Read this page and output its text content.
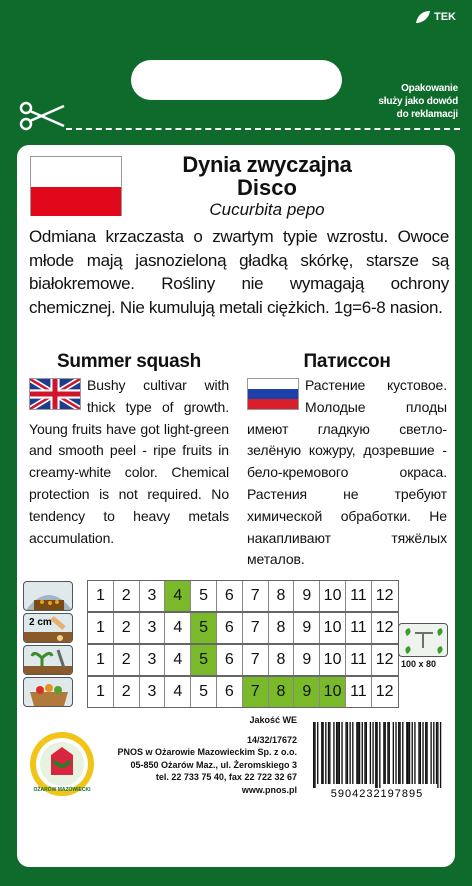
TEK
Opakowanie
służy jako dowód
do reklamacji
Dynia zwyczajna
Disco
Cucurbita pepo
Odmiana krzaczasta o zwartym typie wzrostu. Owoce młode mają jasnozieloną gładką skórkę, starsze są białokremowe. Rośliny nie wymagają ochrony chemicznej. Nie kumulują metali ciężkich. 1g=6-8 nasion.
Summer squash

Bushy cultivar with thick type of growth. Young fruits have got light-green and smooth peel - ripe fruits in creamy-white color. Chemical protection is not required. No tendency to heavy metals accumulation.

Патиссон

Растение кустовое. Молодые плоды имеют гладкую светло-зелёную кожуру, дозревшие - бело-кремового окраса. Растения не требуют химической обработки. Не накапливают тяжёлых металов.

1	2	3	4	5	6	7	8	9 10 11 12
2 cm	1	2	3	4	5	6	7	8	9 10 11 12
1	2	3	4	5	6	7	8	9 10 11 12
1	2	3	4	5	6	7	8	9 10 11 12
100 x 80
OŻARÓW MAZOWIECKI
Jakość WE
14/32/17672
PNOS w Ożarowie Mazowieckim Sp. z o.o.
05-850 Ożarów Maz., ul. Żeromskiego 3
tel. 22 733 75 40, fax 22 722 32 67
www.pnos.pl	5904232197895
